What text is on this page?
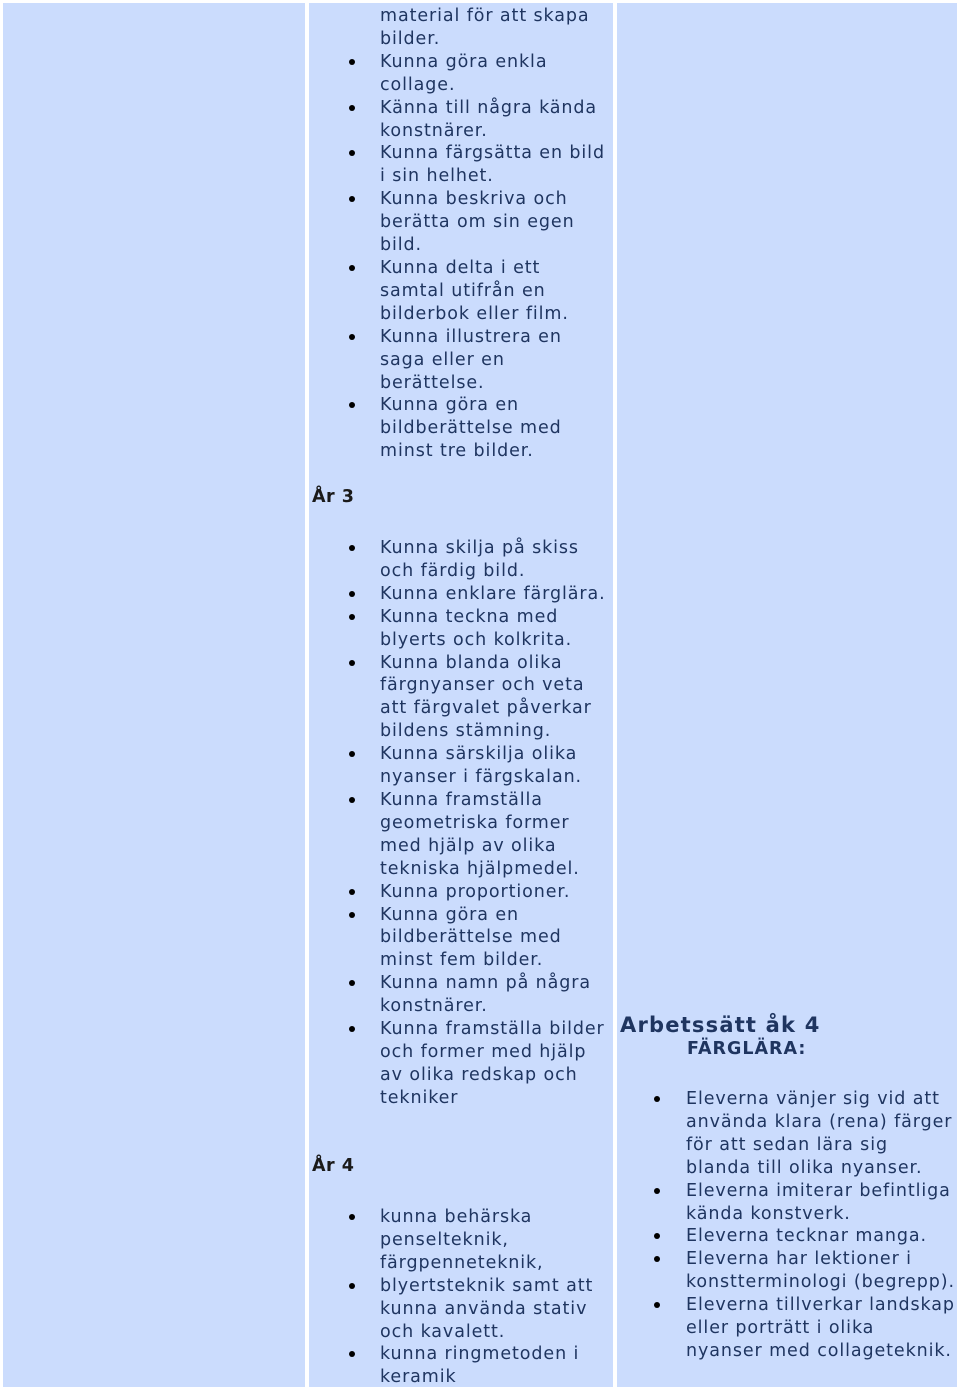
material för att skapa bilder.
Kunna göra enkla collage.
Känna till några kända konstnärer.
Kunna färgsätta en bild i sin helhet.
Kunna beskriva och berätta om sin egen bild.
Kunna delta i ett samtal utifrån en bilderbok eller film.
Kunna illustrera en saga eller en berättelse.
Kunna göra en bildberättelse med minst tre bilder.
År 3
Kunna skilja på skiss och färdig bild.
Kunna enklare färglära.
Kunna teckna med blyerts och kolkrita.
Kunna blanda olika färgnyanser och veta att färgvalet påverkar bildens stämning.
Kunna särskilja olika nyanser i färgskalan.
Kunna framställa geometriska former med hjälp av olika tekniska hjälpmedel.
Kunna proportioner.
Kunna göra en bildberättelse med minst fem bilder.
Kunna namn på några konstnärer.
Kunna framställa bilder och former med hjälp av olika redskap och tekniker
År 4
kunna behärska penselteknik, färgpenneteknik,
blyertsteknik samt att kunna använda stativ och kavalett.
kunna ringmetoden i keramik
Arbetssätt åk 4
FÄRGLÄRA:
Eleverna vänjer sig vid att använda klara (rena) färger för att sedan lära sig blanda till olika nyanser.
Eleverna imiterar befintliga kända konstverk.
Eleverna tecknar manga.
Eleverna har lektioner i konstterminologi (begrepp).
Eleverna tillverkar landskap eller porträtt i olika nyanser med collageteknik.
